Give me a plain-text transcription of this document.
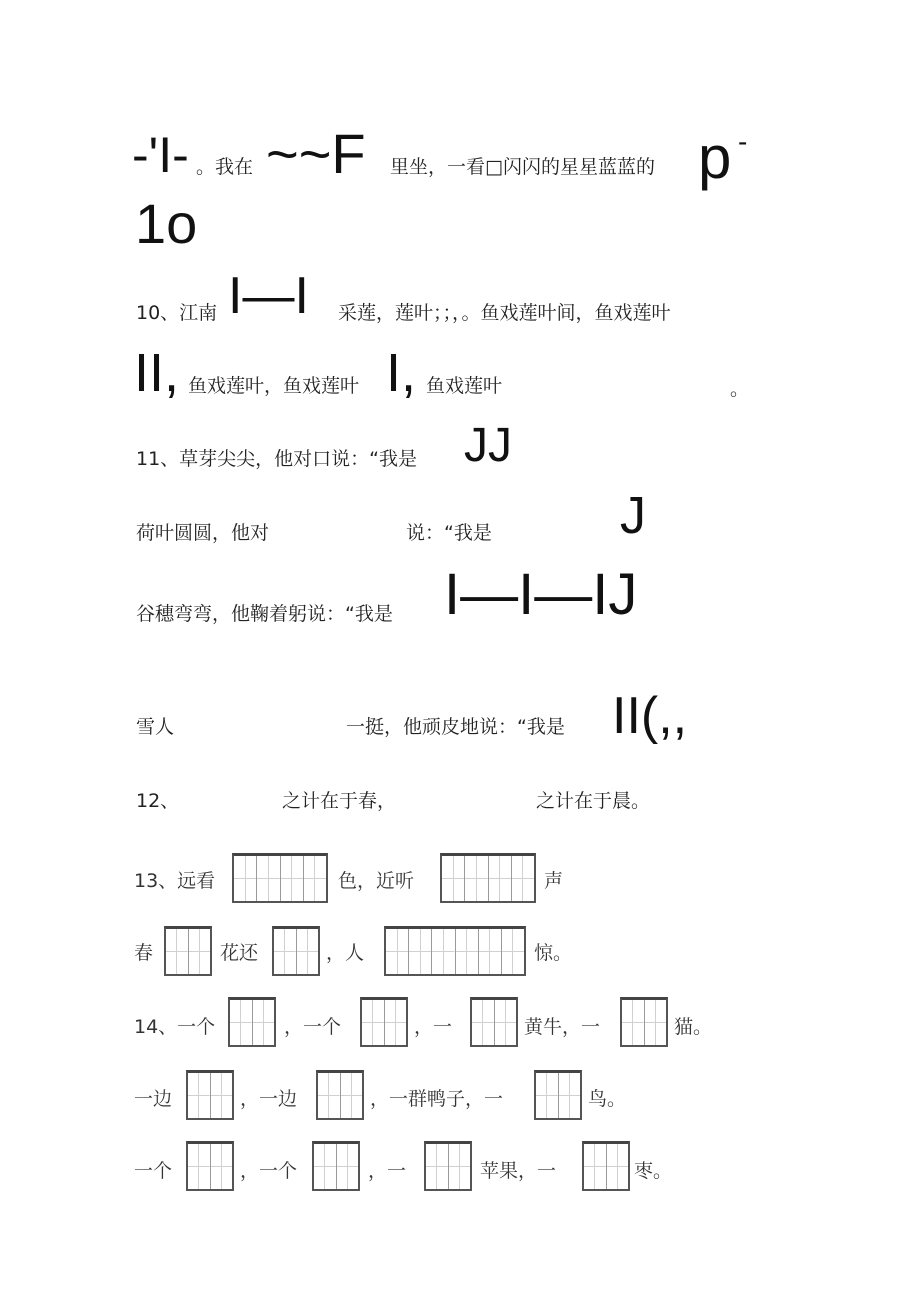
-'I- 。我在 ~~F 里坐，一看□闪闪的星星蓝蓝的 p -
1o
10、江南 I—I 采莲，莲叶；；，。鱼戏莲叶间，鱼戏莲叶
II, 鱼戏莲叶，鱼戏莲叶 I, 鱼戏莲叶	。
11、草芽尖尖，他对口说：“我是 JJ
荷叶圆圆，他对	说：“我是 J
谷穗弯弯，他鞠着躬说：“我是 I—I—IJ
雪人	一挺，他顽皮地说：“我是 II(,,
12、	之计在于春，	之计在于晨。
13、远看	色，近听	声
春	花还	，人	惊。
14、一个	，一个	，一	黄牛，一	猫。
一边	，一边	，一群鸭子，一	鸟。
一个	，一个	，一	苹果，一	枣。
